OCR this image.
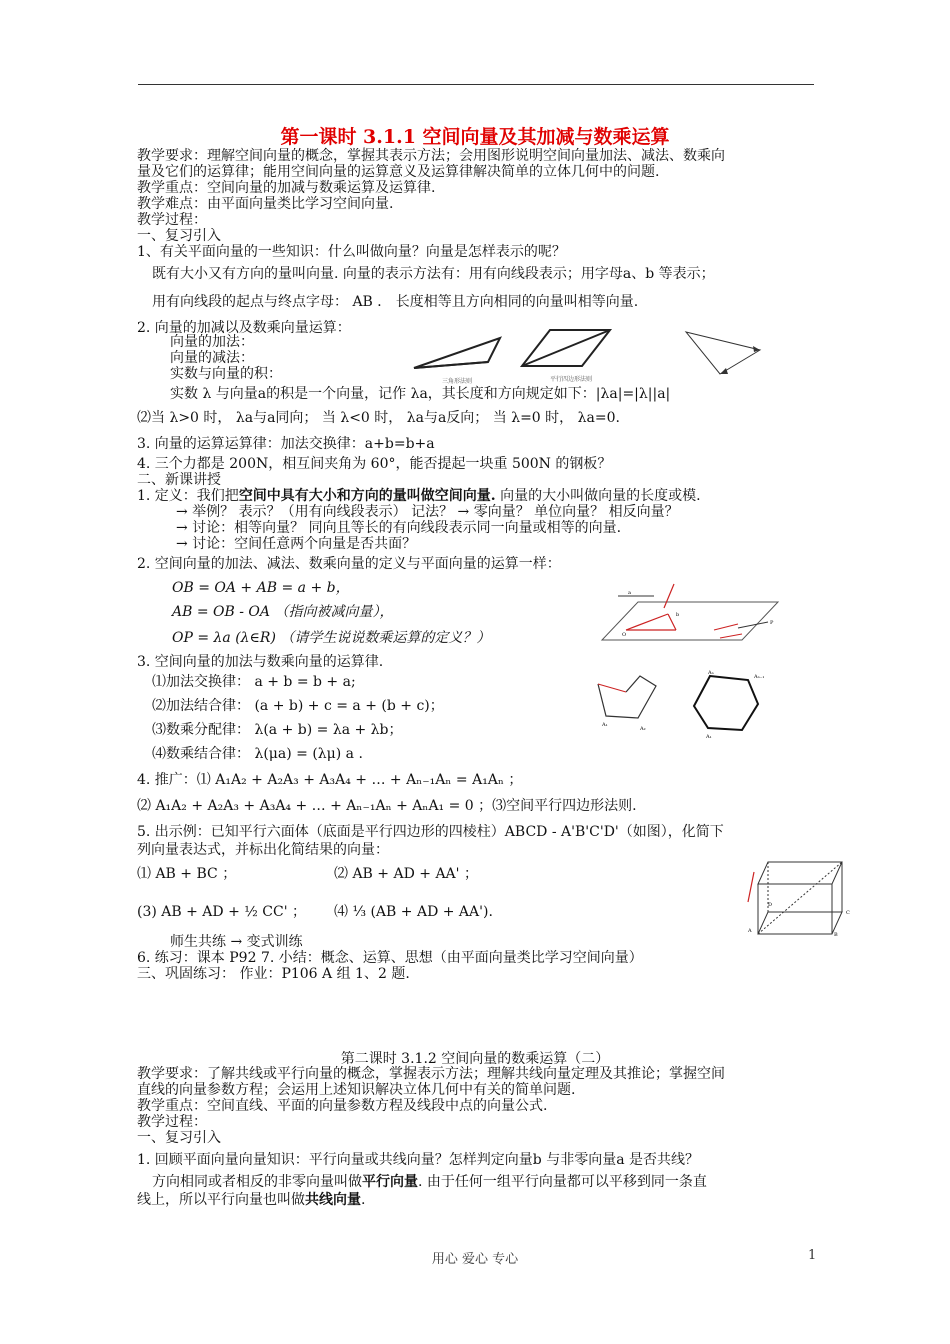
第一课时 3.1.1 空间向量及其加减与数乘运算
教学要求：理解空间向量的概念，掌握其表示方法；会用图形说明空间向量加法、减法、数乘向
量及它们的运算律；能用空间向量的运算意义及运算律解决简单的立体几何中的问题.
教学重点：空间向量的加减与数乘运算及运算律.
教学难点：由平面向量类比学习空间向量.
教学过程：
一、复习引入
1、有关平面向量的一些知识：什么叫做向量？向量是怎样表示的呢？
既有大小又有方向的量叫向量. 向量的表示方法有：用有向线段表示；用字母a、b 等表示；
用有向线段的起点与终点字母： AB ． 长度相等且方向相同的向量叫相等向量.
2. 向量的加减以及数乘向量运算：
向量的加法：
向量的减法：
实数与向量的积：
实数 λ 与向量a的积是一个向量，记作 λa，其长度和方向规定如下：|λa|=|λ||a|
⑵当 λ>0 时， λa与a同向； 当 λ<0 时， λa与a反向； 当 λ=0 时， λa=0.
3. 向量的运算运算律：加法交换律：a+b=b+a
4. 三个力都是 200N，相互间夹角为 60°，能否提起一块重 500N 的钢板？
二、新课讲授
1. 定义：我们把空间中具有大小和方向的量叫做空间向量. 向量的大小叫做向量的长度或模.
→ 举例？ 表示？（用有向线段表示） 记法？ → 零向量？ 单位向量？ 相反向量？
→ 讨论：相等向量？ 同向且等长的有向线段表示同一向量或相等的向量.
→ 讨论：空间任意两个向量是否共面？
2. 空间向量的加法、减法、数乘向量的定义与平面向量的运算一样：
OB = OA + AB = a + b，
AB = OB - OA （指向被减向量），
OP = λa (λ∈R) （请学生说说数乘运算的定义？）
3. 空间向量的加法与数乘向量的运算律.
⑴加法交换律： a + b = b + a;
⑵加法结合律： (a + b) + c = a + (b + c)；
⑶数乘分配律： λ(a + b) = λa + λb；
⑷数乘结合律： λ(μa) = (λμ) a .
4. 推广：⑴ A₁A₂ + A₂A₃ + A₃A₄ + … + Aₙ₋₁Aₙ = A₁Aₙ ；
⑵ A₁A₂ + A₂A₃ + A₃A₄ + … + Aₙ₋₁Aₙ + AₙA₁ = 0 ；⑶空间平行四边形法则.
5. 出示例：已知平行六面体（底面是平行四边形的四棱柱）ABCD - A'B'C'D'（如图），化简下
列向量表达式，并标出化简结果的向量：
⑴ AB + BC ；	⑵ AB + AD + AA' ；
(3) AB + AD + ½ CC' ； ⑷ ⅓ (AB + AD + AA').
师生共练 → 变式训练
6. 练习：课本 P92 7. 小结：概念、运算、思想（由平面向量类比学习空间向量）
三、巩固练习： 作业：P106 A 组 1、2 题.
第二课时 3.1.2 空间向量的数乘运算（二）
教学要求：了解共线或平行向量的概念，掌握表示方法；理解共线向量定理及其推论；掌握空间
直线的向量参数方程；会运用上述知识解决立体几何中有关的简单问题.
教学重点：空间直线、平面的向量参数方程及线段中点的向量公式.
教学过程：
一、复习引入
1. 回顾平面向量向量知识：平行向量或共线向量？怎样判定向量b 与非零向量a 是否共线？
方向相同或者相反的非零向量叫做平行向量. 由于任何一组平行向量都可以平移到同一条直
线上，所以平行向量也叫做共线向量.
三角形法则	平行四边形法则
O
P
a
b
A₁
A₂
Aₙ
Aₙ₋₁
A₁
A
B
C
D
用心 爱心 专心	1
